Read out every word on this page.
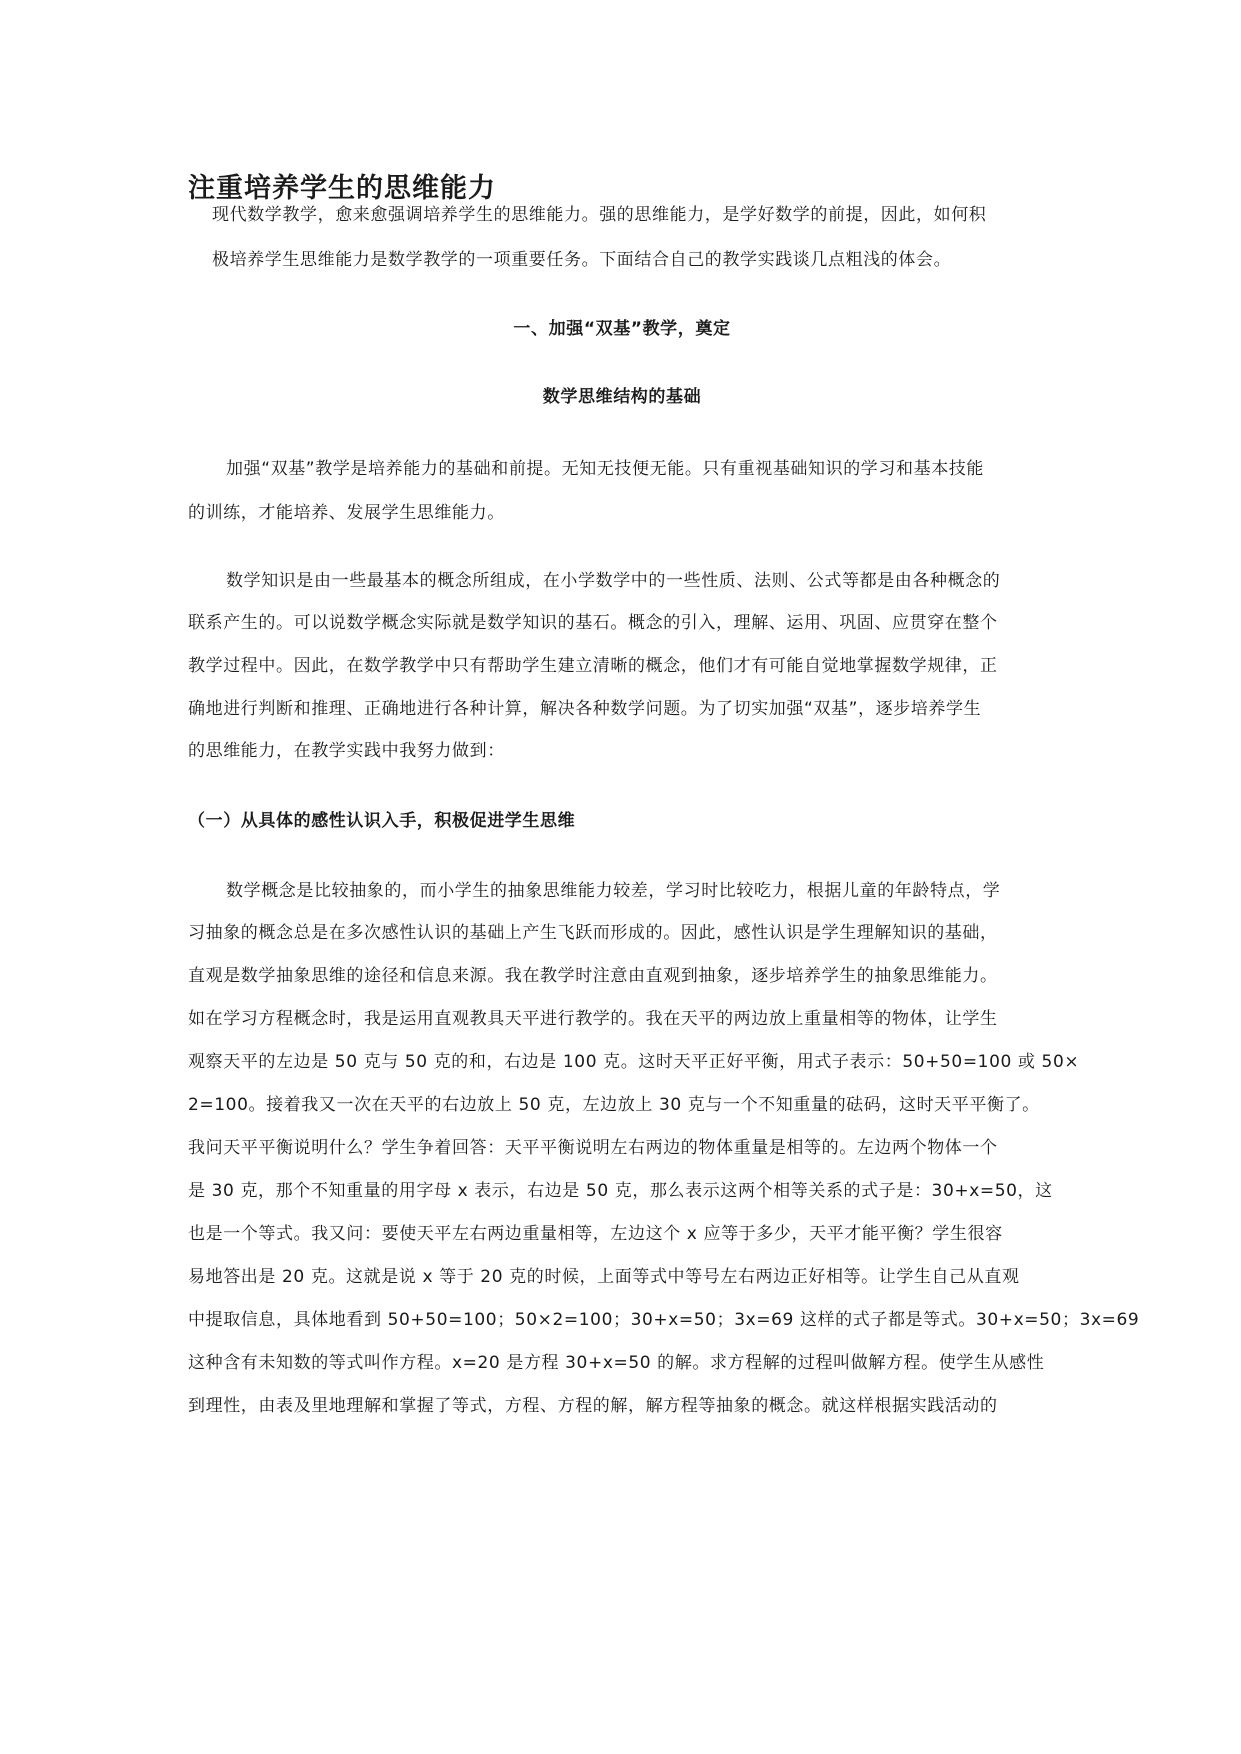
注重培养学生的思维能力
现代数学教学，愈来愈强调培养学生的思维能力。强的思维能力，是学好数学的前提，因此，如何积
极培养学生思维能力是数学教学的一项重要任务。下面结合自己的教学实践谈几点粗浅的体会。
一、加强“双基”教学，奠定
数学思维结构的基础
加强“双基”教学是培养能力的基础和前提。无知无技便无能。只有重视基础知识的学习和基本技能
的训练，才能培养、发展学生思维能力。
数学知识是由一些最基本的概念所组成，在小学数学中的一些性质、法则、公式等都是由各种概念的
联系产生的。可以说数学概念实际就是数学知识的基石。概念的引入，理解、运用、巩固、应贯穿在整个
教学过程中。因此，在数学教学中只有帮助学生建立清晰的概念，他们才有可能自觉地掌握数学规律，正
确地进行判断和推理、正确地进行各种计算，解决各种数学问题。为了切实加强“双基”，逐步培养学生
的思维能力，在教学实践中我努力做到：
（一）从具体的感性认识入手，积极促进学生思维
数学概念是比较抽象的，而小学生的抽象思维能力较差，学习时比较吃力，根据儿童的年龄特点，学
习抽象的概念总是在多次感性认识的基础上产生飞跃而形成的。因此，感性认识是学生理解知识的基础，
直观是数学抽象思维的途径和信息来源。我在教学时注意由直观到抽象，逐步培养学生的抽象思维能力。
如在学习方程概念时，我是运用直观教具天平进行教学的。我在天平的两边放上重量相等的物体，让学生
观察天平的左边是 50 克与 50 克的和，右边是 100 克。这时天平正好平衡，用式子表示：50+50=100 或 50×
2=100。接着我又一次在天平的右边放上 50 克，左边放上 30 克与一个不知重量的砝码，这时天平平衡了。
我问天平平衡说明什么？学生争着回答：天平平衡说明左右两边的物体重量是相等的。左边两个物体一个
是 30 克，那个不知重量的用字母 x 表示，右边是 50 克，那么表示这两个相等关系的式子是：30+x=50，这
也是一个等式。我又问：要使天平左右两边重量相等，左边这个 x 应等于多少，天平才能平衡？学生很容
易地答出是 20 克。这就是说 x 等于 20 克的时候，上面等式中等号左右两边正好相等。让学生自己从直观
中提取信息，具体地看到 50+50=100；50×2=100；30+x=50；3x=69 这样的式子都是等式。30+x=50；3x=69
这种含有未知数的等式叫作方程。x=20 是方程 30+x=50 的解。求方程解的过程叫做解方程。使学生从感性
到理性，由表及里地理解和掌握了等式，方程、方程的解，解方程等抽象的概念。就这样根据实践活动的
